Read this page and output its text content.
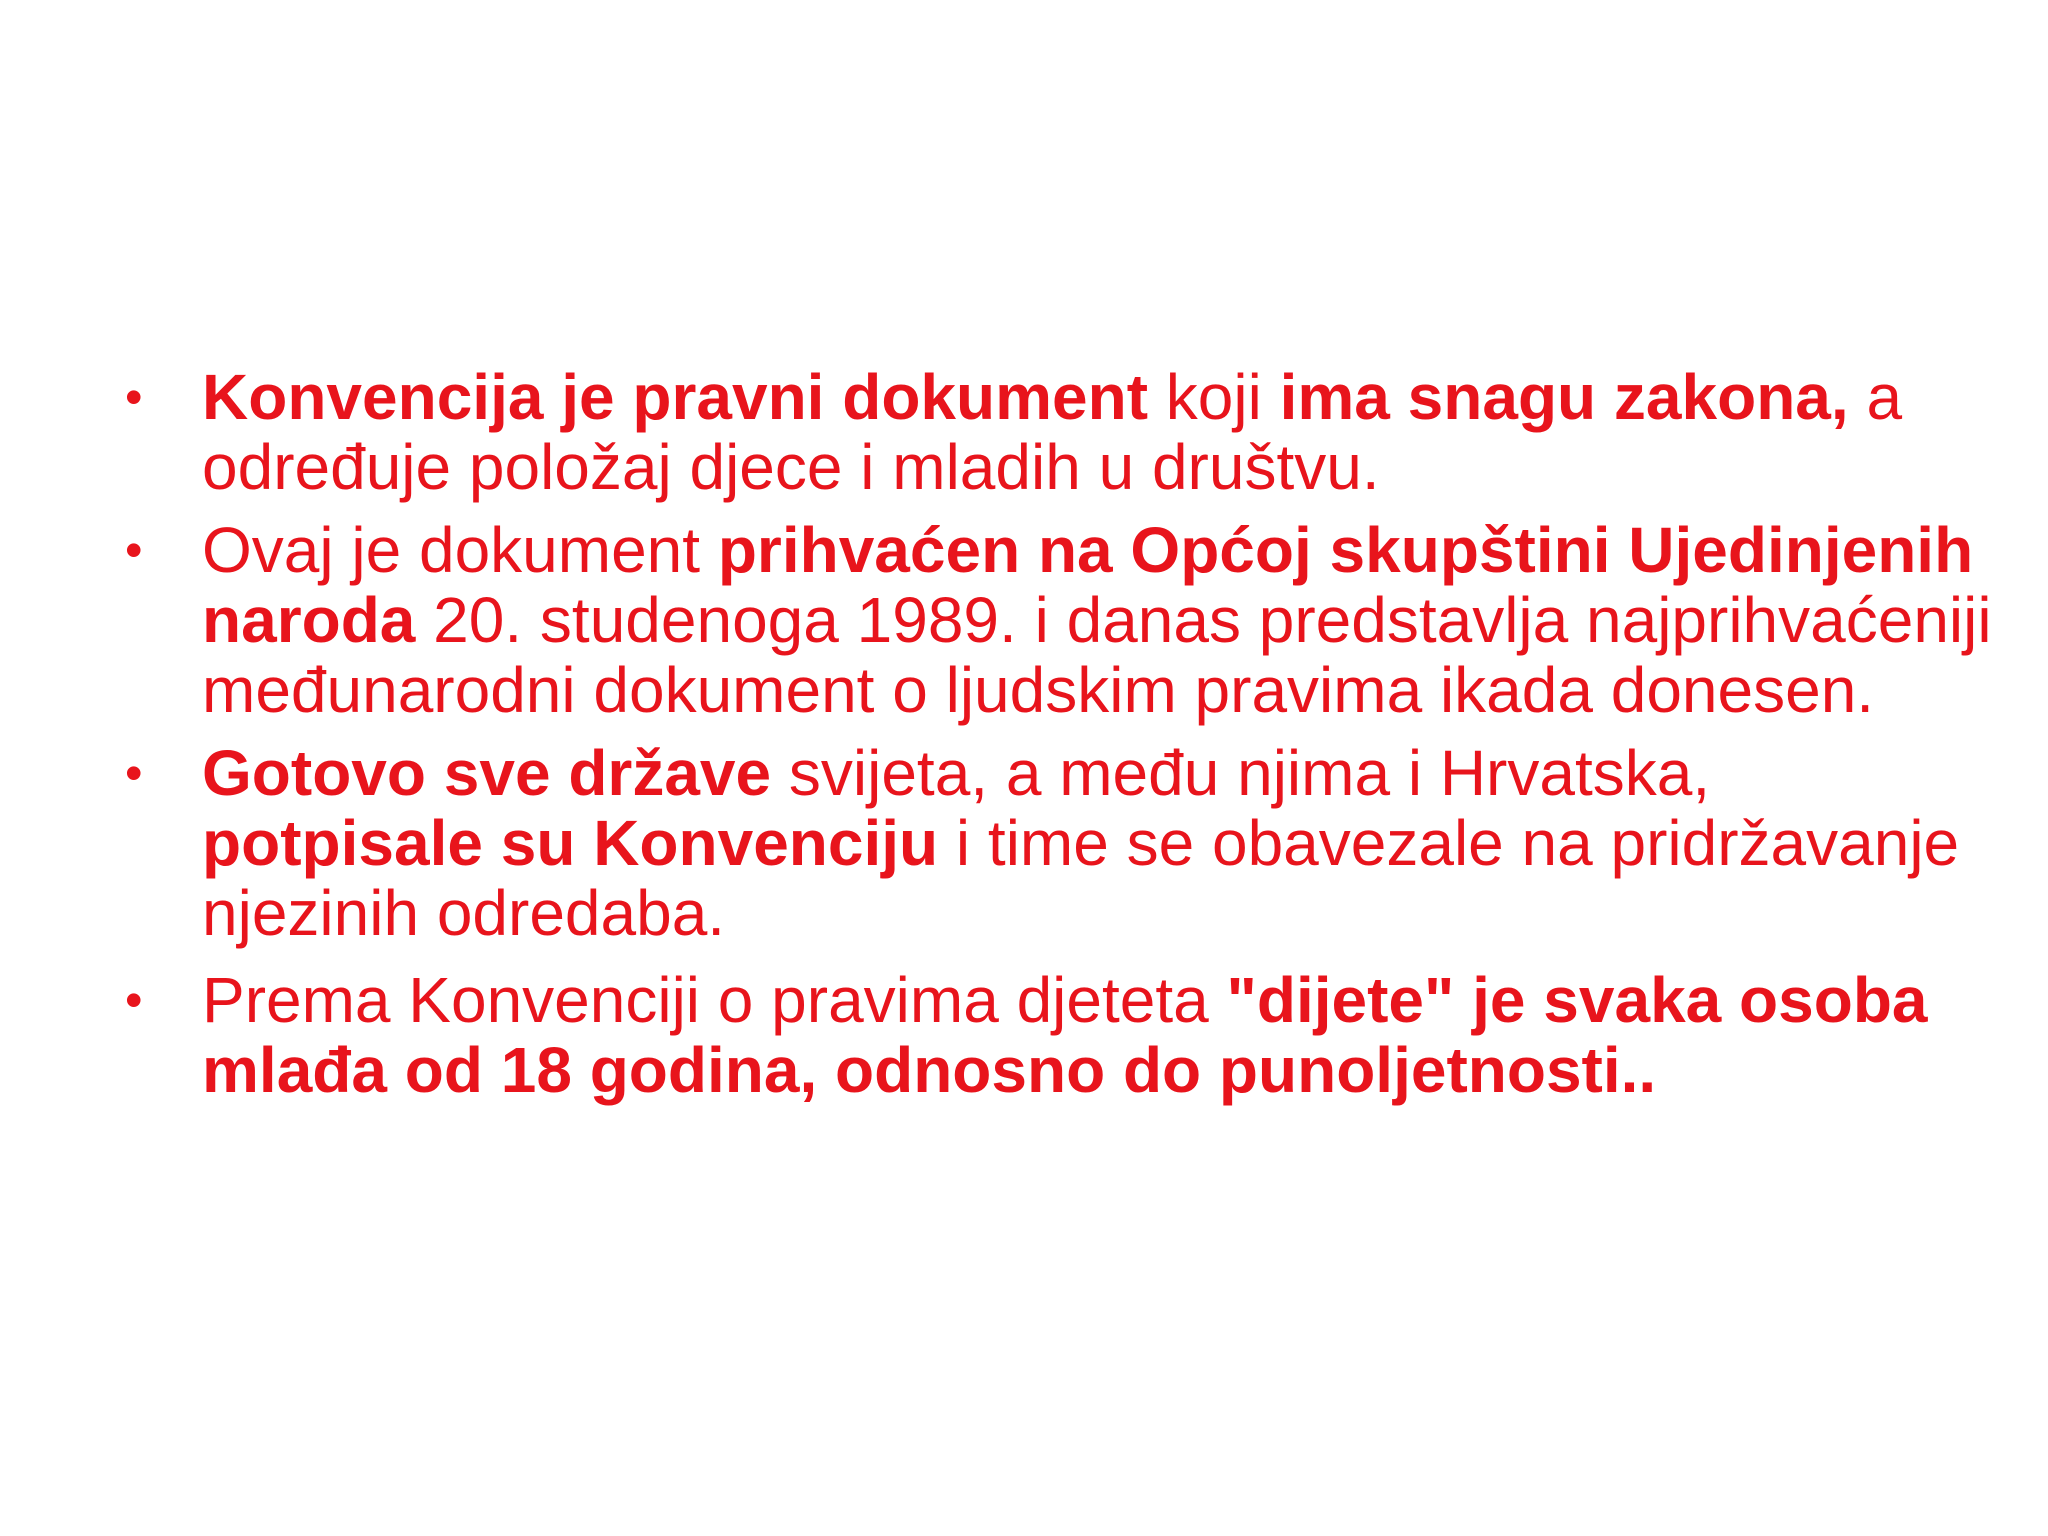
• Konvencija je pravni dokument koji ima snagu zakona, a određuje položaj djece i mladih u društvu.
• Ovaj je dokument prihvaćen na Općoj skupštini Ujedinjenih naroda 20. studenoga 1989. i danas predstavlja najprihvaćeniji međunarodni dokument o ljudskim pravima ikada donesen.
• Gotovo sve države svijeta, a među njima i Hrvatska, potpisale su Konvenciju i time se obavezale na pridržavanje njezinih odredaba.
• Prema Konvenciji o pravima djeteta "dijete" je svaka osoba mlađa od 18 godina, odnosno do punoljetnosti..
